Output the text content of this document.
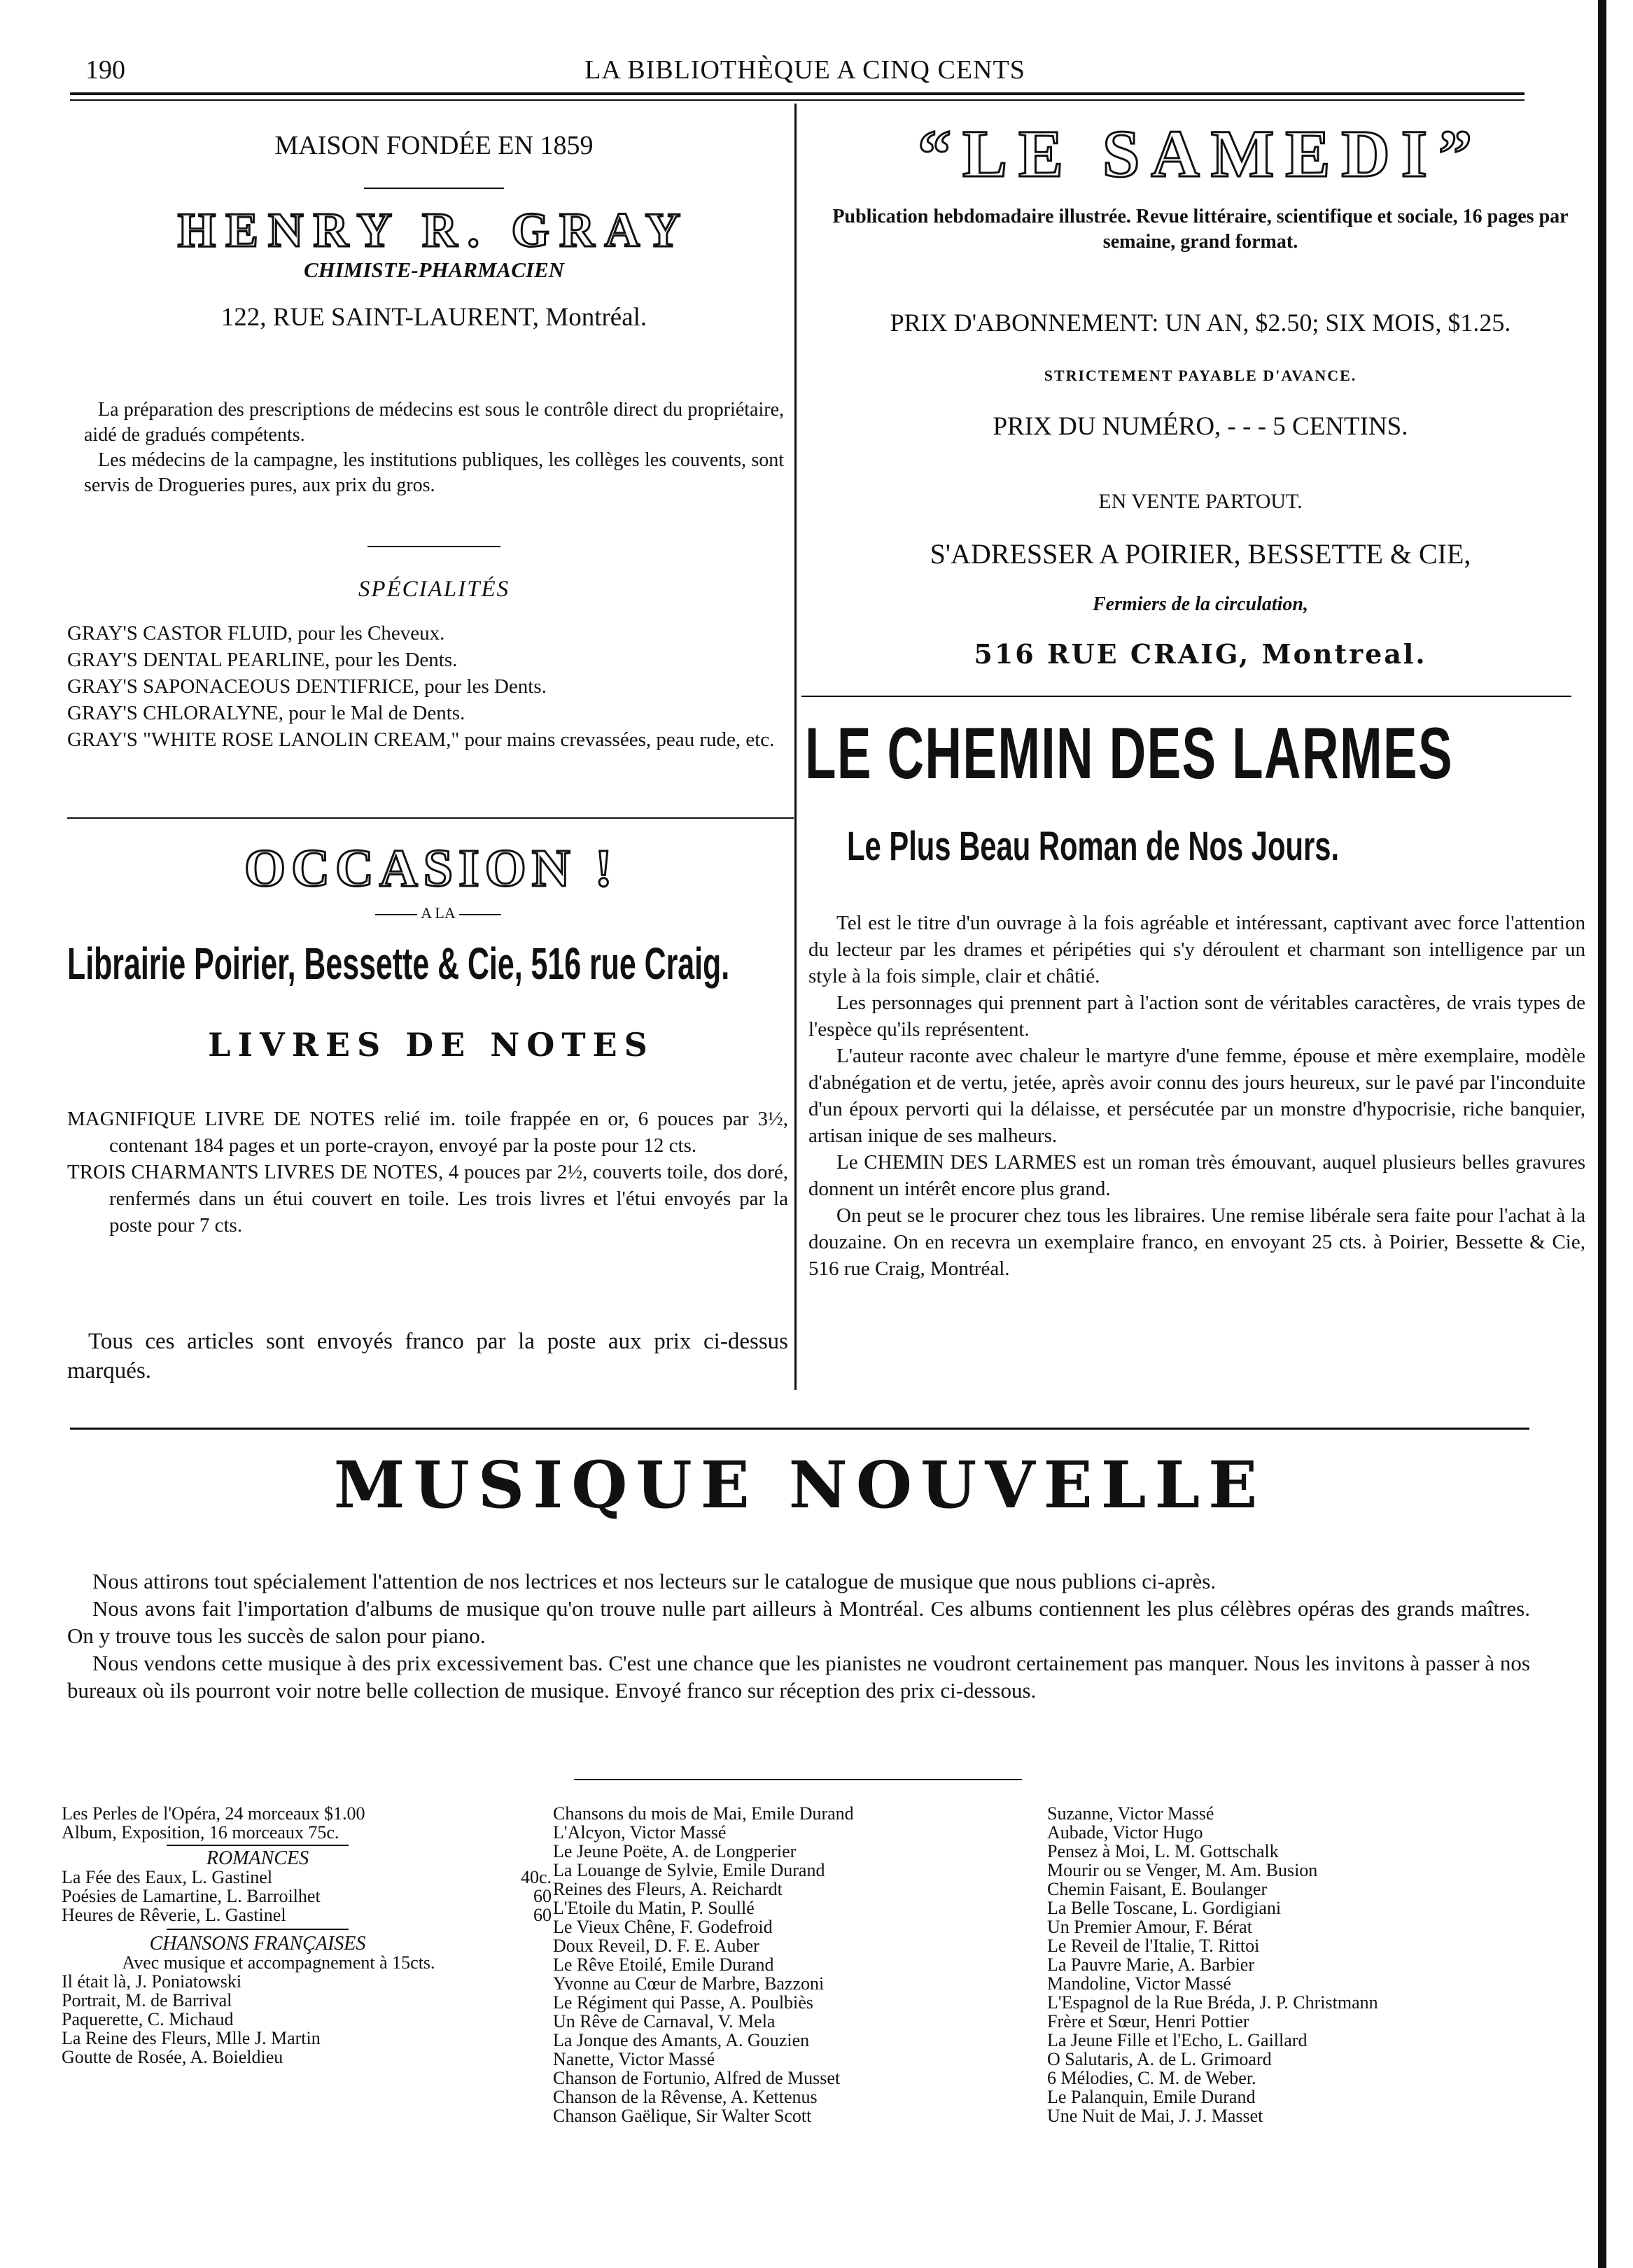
190	LA BIBLIOTHÈQUE A CINQ CENTS
MAISON FONDÉE EN 1859
HENRY R. GRAY
CHIMISTE-PHARMACIEN
122, RUE SAINT-LAURENT, Montréal.

La préparation des prescriptions de médecins est sous le contrôle direct du propriétaire, aidé de gradués compétents.

Les médecins de la campagne, les institutions publiques, les collèges les couvents, sont servis de Drogueries pures, aux prix du gros.

SPÉCIALITÉS
GRAY'S CASTOR FLUID, pour les Cheveux.
GRAY'S DENTAL PEARLINE, pour les Dents.
GRAY'S SAPONACEOUS DENTIFRICE, pour les Dents.
GRAY'S CHLORALYNE, pour le Mal de Dents.
GRAY'S "WHITE ROSE LANOLIN CREAM," pour mains crevassées, peau rude, etc.
OCCASION !
A LA
Librairie Poirier, Bessette & Cie, 516 rue Craig.
LIVRES DE NOTES

MAGNIFIQUE LIVRE DE NOTES relié im. toile frappée en or, 6 pouces par 3½, contenant 184 pages et un porte-crayon, envoyé par la poste pour 12 cts.

TROIS CHARMANTS LIVRES DE NOTES, 4 pouces par 2½, couverts toile, dos doré, renfermés dans un étui couvert en toile. Les trois livres et l'étui envoyés par la poste pour 7 cts.

Tous ces articles sont envoyés franco par la poste aux prix ci-dessus marqués.
“LE SAMEDI”
Publication hebdomadaire illustrée. Revue littéraire, scientifique et sociale, 16 pages par semaine, grand format.
PRIX D'ABONNEMENT: UN AN, $2.50; SIX MOIS, $1.25.
STRICTEMENT PAYABLE D'AVANCE.
PRIX DU NUMÉRO, - - - 5 CENTINS.
EN VENTE PARTOUT.
S'ADRESSER A POIRIER, BESSETTE & CIE,
Fermiers de la circulation,
516 RUE CRAIG, Montreal.
LE CHEMIN DES LARMES
Le Plus Beau Roman de Nos Jours.

Tel est le titre d'un ouvrage à la fois agréable et intéressant, captivant avec force l'attention du lecteur par les drames et péripéties qui s'y déroulent et charmant son intelligence par un style à la fois simple, clair et châtié.

Les personnages qui prennent part à l'action sont de véritables caractères, de vrais types de l'espèce qu'ils représentent.

L'auteur raconte avec chaleur le martyre d'une femme, épouse et mère exemplaire, modèle d'abnégation et de vertu, jetée, après avoir connu des jours heureux, sur le pavé par l'inconduite d'un époux pervorti qui la délaisse, et persécutée par un monstre d'hypocrisie, riche banquier, artisan inique de ses malheurs.

Le CHEMIN DES LARMES est un roman très émouvant, auquel plusieurs belles gravures donnent un intérêt encore plus grand.

On peut se le procurer chez tous les libraires. Une remise libérale sera faite pour l'achat à la douzaine. On en recevra un exemplaire franco, en envoyant 25 cts. à Poirier, Bessette & Cie, 516 rue Craig, Montréal.

MUSIQUE NOUVELLE

Nous attirons tout spécialement l'attention de nos lectrices et nos lecteurs sur le catalogue de musique que nous publions ci-après.

Nous avons fait l'importation d'albums de musique qu'on trouve nulle part ailleurs à Montréal. Ces albums contiennent les plus célèbres opéras des grands maîtres. On y trouve tous les succès de salon pour piano.

Nous vendons cette musique à des prix excessivement bas. C'est une chance que les pianistes ne voudront certainement pas manquer. Nous les invitons à passer à nos bureaux où ils pourront voir notre belle collection de musique. Envoyé franco sur réception des prix ci-dessous.

Les Perles de l'Opéra, 24 morceaux $1.00
Album, Exposition, 16 morceaux 75c.
ROMANCES
La Fée des Eaux, L. Gastinel	40c.
Poésies de Lamartine, L. Barroilhet	60
Heures de Rêverie, L. Gastinel	60
CHANSONS FRANÇAISES
Avec musique et accompagnement à 15cts.
Il était là, J. Poniatowski
Portrait, M. de Barrival
Paquerette, C. Michaud
La Reine des Fleurs, Mlle J. Martin
Goutte de Rosée, A. Boieldieu
Chansons du mois de Mai, Emile Durand
L'Alcyon, Victor Massé
Le Jeune Poëte, A. de Longperier
La Louange de Sylvie, Emile Durand
Reines des Fleurs, A. Reichardt
L'Etoile du Matin, P. Soullé
Le Vieux Chêne, F. Godefroid
Doux Reveil, D. F. E. Auber
Le Rêve Etoilé, Emile Durand
Yvonne au Cœur de Marbre, Bazzoni
Le Régiment qui Passe, A. Poulbiès
Un Rêve de Carnaval, V. Mela
La Jonque des Amants, A. Gouzien
Nanette, Victor Massé
Chanson de Fortunio, Alfred de Musset
Chanson de la Rêvense, A. Kettenus
Chanson Gaëlique, Sir Walter Scott
Suzanne, Victor Massé
Aubade, Victor Hugo
Pensez à Moi, L. M. Gottschalk
Mourir ou se Venger, M. Am. Busion
Chemin Faisant, E. Boulanger
La Belle Toscane, L. Gordigiani
Un Premier Amour, F. Bérat
Le Reveil de l'Italie, T. Rittoi
La Pauvre Marie, A. Barbier
Mandoline, Victor Massé
L'Espagnol de la Rue Bréda, J. P. Christmann
Frère et Sœur, Henri Pottier
La Jeune Fille et l'Echo, L. Gaillard
O Salutaris, A. de L. Grimoard
6 Mélodies, C. M. de Weber.
Le Palanquin, Emile Durand
Une Nuit de Mai, J. J. Masset
